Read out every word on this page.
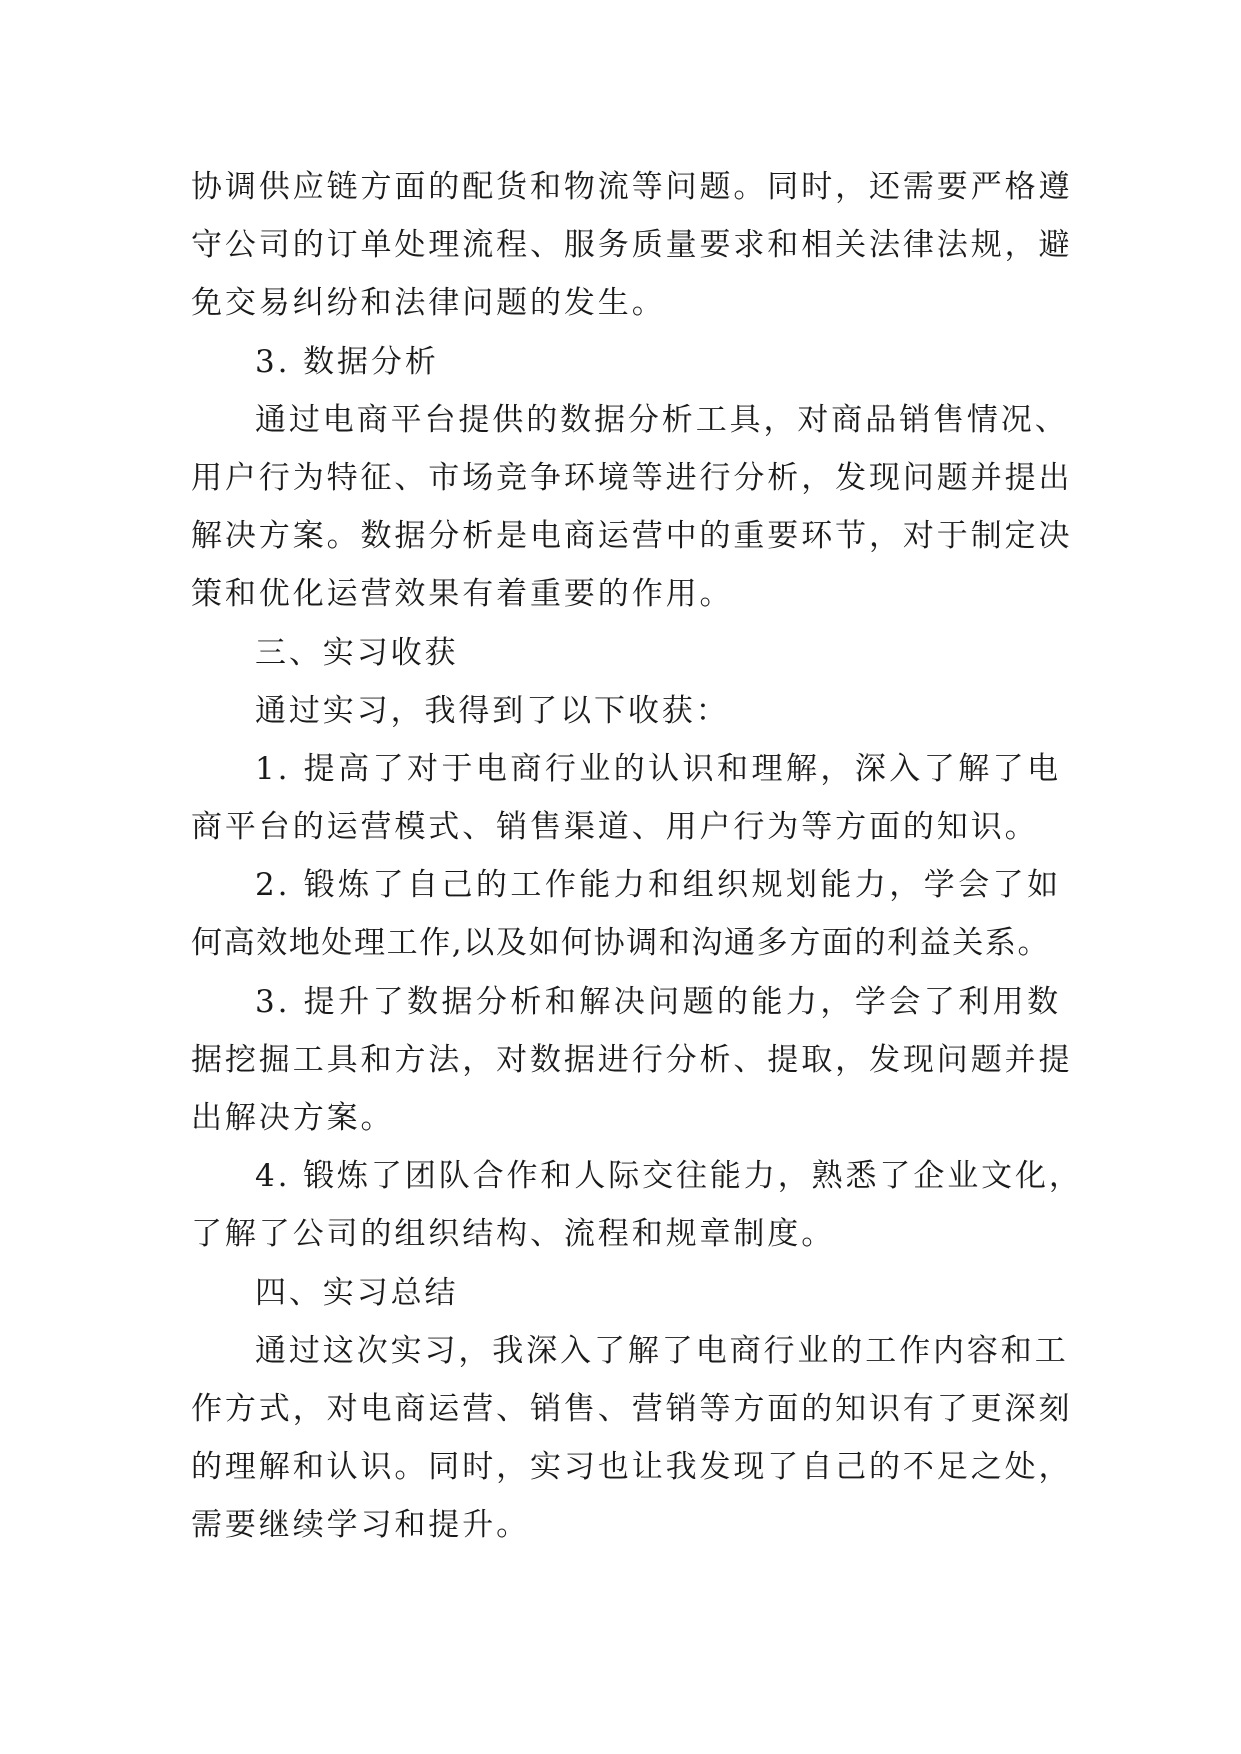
协调供应链方面的配货和物流等问题。同时，还需要严格遵
守公司的订单处理流程、服务质量要求和相关法律法规，避
免交易纠纷和法律问题的发生。

3. 数据分析

通过电商平台提供的数据分析工具，对商品销售情况、
用户行为特征、市场竞争环境等进行分析，发现问题并提出
解决方案。数据分析是电商运营中的重要环节，对于制定决
策和优化运营效果有着重要的作用。

三、实习收获

通过实习，我得到了以下收获：

1. 提高了对于电商行业的认识和理解，深入了解了电
商平台的运营模式、销售渠道、用户行为等方面的知识。

2. 锻炼了自己的工作能力和组织规划能力，学会了如
何高效地处理工作,以及如何协调和沟通多方面的利益关系。

3. 提升了数据分析和解决问题的能力，学会了利用数
据挖掘工具和方法，对数据进行分析、提取，发现问题并提
出解决方案。

4. 锻炼了团队合作和人际交往能力，熟悉了企业文化，
了解了公司的组织结构、流程和规章制度。

四、实习总结

通过这次实习，我深入了解了电商行业的工作内容和工
作方式，对电商运营、销售、营销等方面的知识有了更深刻
的理解和认识。同时，实习也让我发现了自己的不足之处，
需要继续学习和提升。
